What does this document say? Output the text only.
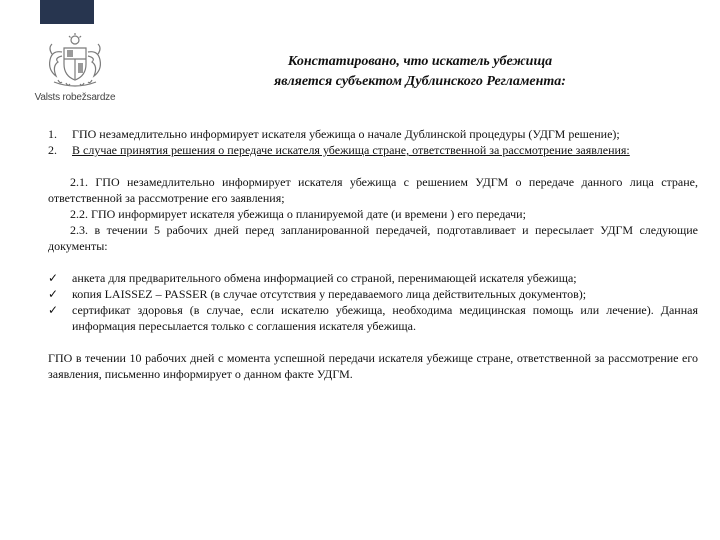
Valsts robežsardze
Констатировано, что искатель убежища
является субъектом Дублинского Регламента:
1.	ГПО незамедлительно информирует искателя убежища о начале Дублинской процедуры (УДГМ решение);
2.	В случае принятия решения о передаче искателя убежища стране, ответственной за рассмотрение заявления:

2.1. ГПО незамедлительно информирует искателя убежища с решением УДГМ о передаче данного лица стране, ответственной за рассмотрение его заявления;

2.2. ГПО информирует искателя убежища о планируемой дате (и времени ) его передачи;

2.3. в течении 5 рабочих дней перед запланированной передачей, подготавливает и пересылает УДГМ следующие документы:

✓	анкета для предварительного обмена информацией со страной, перенимающей искателя убежища;
✓	копия LAISSEZ – PASSER (в случае отсутствия у передаваемого лица действительных документов);
✓	сертификат здоровья (в случае, если искателю убежища, необходима медицинская помощь или лечение). Данная информация пересылается только с соглашения искателя убежища.

ГПО в течении 10 рабочих дней с момента успешной передачи искателя убежище стране, ответственной за рассмотрение его заявления, письменно информирует о данном факте УДГМ.
